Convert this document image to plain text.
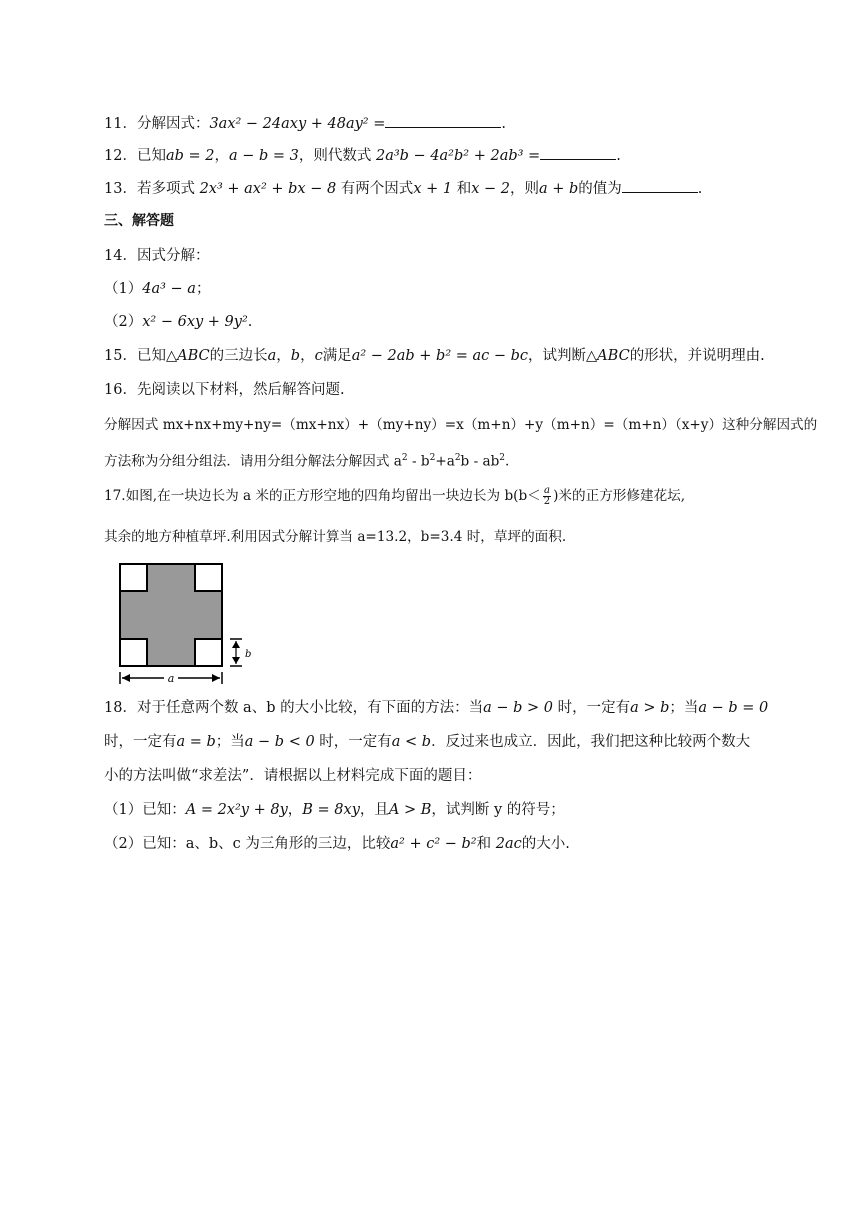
11．分解因式：3ax² − 24axy + 48ay² =	.
12．已知ab = 2，a − b = 3，则代数式 2a³b − 4a²b² + 2ab³ =	.
13．若多项式 2x³ + ax² + bx − 8 有两个因式x + 1 和x − 2，则a + b的值为	.
三、解答题
14．因式分解：
（1）4a³ − a；
（2）x² − 6xy + 9y².
15．已知△ABC的三边长a，b，c满足a² − 2ab + b² = ac − bc，试判断△ABC的形状，并说明理由.
16．先阅读以下材料，然后解答问题.
分解因式 mx+nx+my+ny=（mx+nx）+（my+ny）=x（m+n）+y（m+n）=（m+n）（x+y）这种分解因式的
方法称为分组分组法．请用分组分解法分解因式 $a^2 - b^2+a^2b - ab^2$.
17.如图,在一块边长为 a 米的正方形空地的四角均留出一块边长为 $b(b< \frac{a}{2}$ )米的正方形修建花坛,
其余的地方种植草坪.利用因式分解计算当 a=13.2，b=3.4 时，草坪的面积.
a
b
18．对于任意两个数 a、b 的大小比较，有下面的方法：当a − b > 0 时，一定有a > b；当a − b = 0
时，一定有a = b；当a − b < 0 时，一定有a < b．反过来也成立．因此，我们把这种比较两个数大
小的方法叫做“求差法”．请根据以上材料完成下面的题目：
（1）已知：A = 2x²y + 8y，B = 8xy，且A > B，试判断 y 的符号；
（2）已知：a、b、c 为三角形的三边，比较a² + c² − b²和 2ac的大小.
